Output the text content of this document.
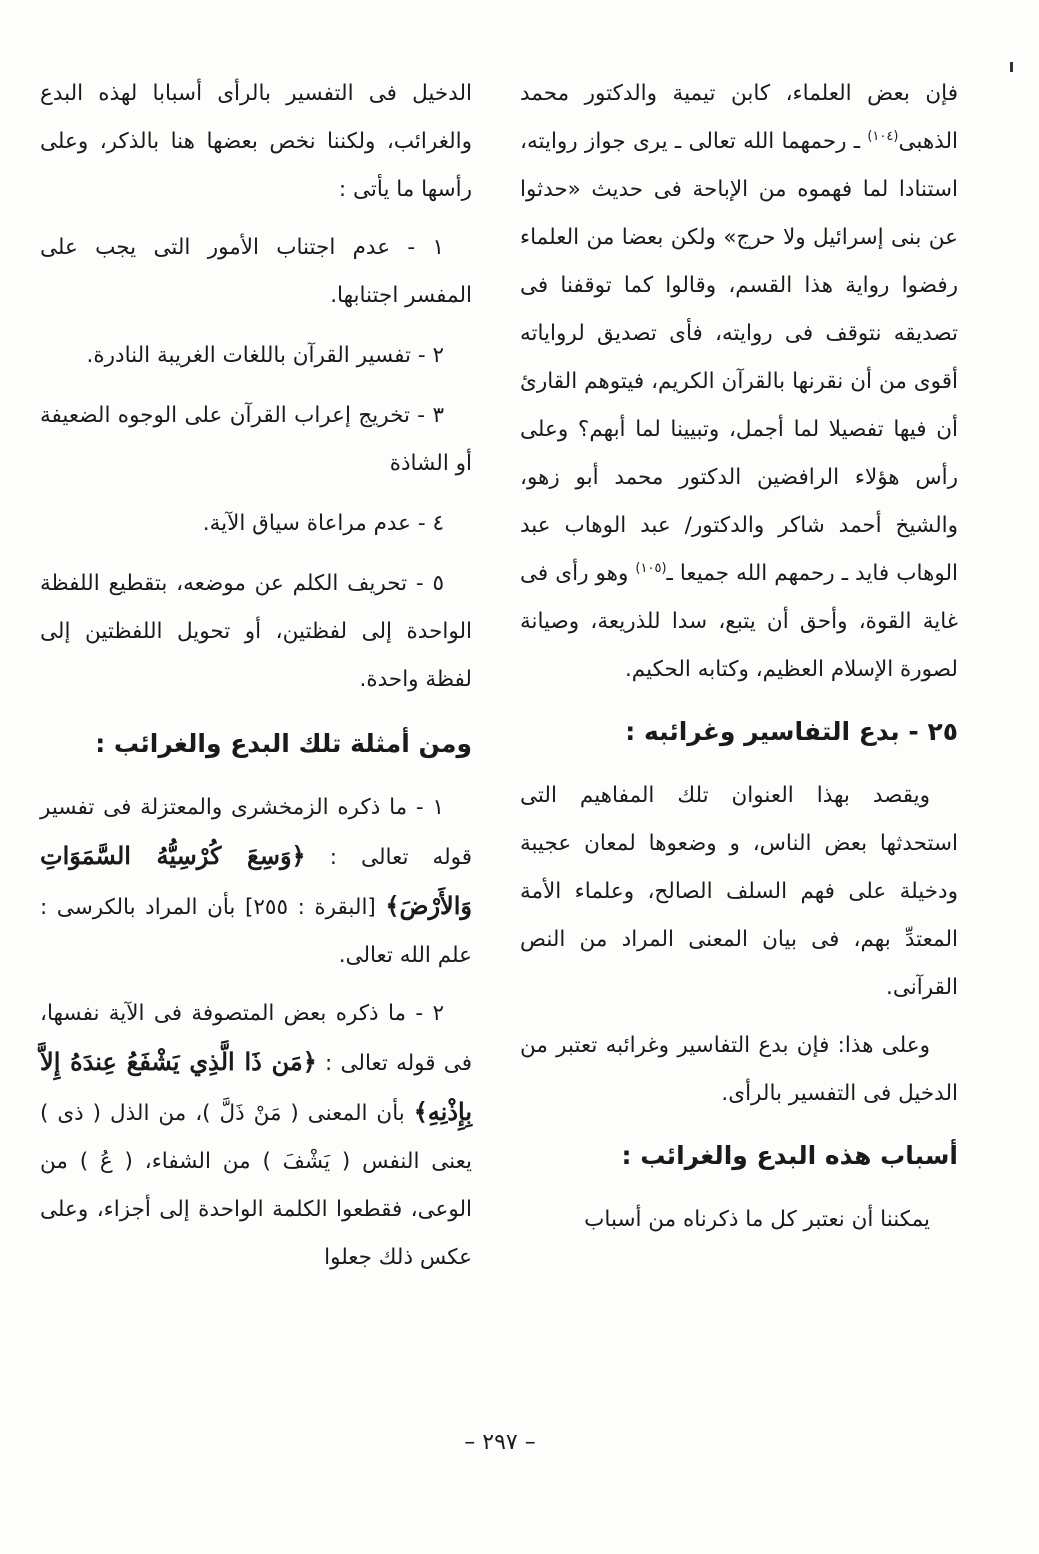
فإن بعض العلماء، كابن تيمية والدكتور محمد الذهبى$^{(١٠٤)}$ ـ رحمهما الله تعالى ـ يرى جواز روايته، استنادا لما فهموه من الإباحة فى حديث «حدثوا عن بنى إسرائيل ولا حرج» ولكن بعضا من العلماء رفضوا رواية هذا القسم، وقالوا كما توقفنا فى تصديقه نتوقف فى روايته، فأى تصديق لرواياته أقوى من أن نقرنها بالقرآن الكريم، فيتوهم القارئ أن فيها تفصيلا لما أجمل، وتبيينا لما أبهم؟ وعلى رأس هؤلاء الرافضين الدكتور محمد أبو زهو، والشيخ أحمد شاكر والدكتور/ عبد الوهاب عبد الوهاب فايد ـ رحمهم الله جميعا ـ$^{(١٠٥)}$ وهو رأى فى غاية القوة، وأحق أن يتبع، سدا للذريعة، وصيانة لصورة الإسلام العظيم، وكتابه الحكيم.

٢٥ - بدع التفاسير وغرائبه :

ويقصد بهذا العنوان تلك المفاهيم التى استحدثها بعض الناس، و وضعوها لمعان عجيبة ودخيلة على فهم السلف الصالح، وعلماء الأمة المعتدِّ بهم، فى بيان المعنى المراد من النص القرآنى.

وعلى هذا: فإن بدع التفاسير وغرائبه تعتبر من الدخيل فى التفسير بالرأى.

أسباب هذه البدع والغرائب :

يمكننا أن نعتبر كل ما ذكرناه من أسباب

الدخيل فى التفسير بالرأى أسبابا لهذه البدع والغرائب، ولكننا نخص بعضها هنا بالذكر، وعلى رأسها ما يأتى :

١ - عدم اجتناب الأمور التى يجب على المفسر اجتنابها.

٢ - تفسير القرآن باللغات الغريبة النادرة.

٣ - تخريج إعراب القرآن على الوجوه الضعيفة أو الشاذة

٤ - عدم مراعاة سياق الآية.

٥ - تحريف الكلم عن موضعه، بتقطيع اللفظة الواحدة إلى لفظتين، أو تحويل اللفظتين إلى لفظة واحدة.

ومن أمثلة تلك البدع والغرائب :

١ - ما ذكره الزمخشرى والمعتزلة فى تفسير قوله تعالى : ﴿وَسِعَ كُرْسِيُّهُ السَّمَوَاتِ وَالأَرْضَ﴾ [البقرة : ٢٥٥] بأن المراد بالكرسى : علم الله تعالى.

٢ - ما ذكره بعض المتصوفة فى الآية نفسها، فى قوله تعالى : ﴿مَن ذَا الَّذِي يَشْفَعُ عِندَهُ إِلاَّ بِإِذْنِهِ﴾ بأن المعنى ( مَنْ ذَلَّ )، من الذل ( ذى ) يعنى النفس ( يَشْفَ ) من الشفاء، ( عُ ) من الوعى، فقطعوا الكلمة الواحدة إلى أجزاء، وعلى عكس ذلك جعلوا

– ٢٩٧ –
